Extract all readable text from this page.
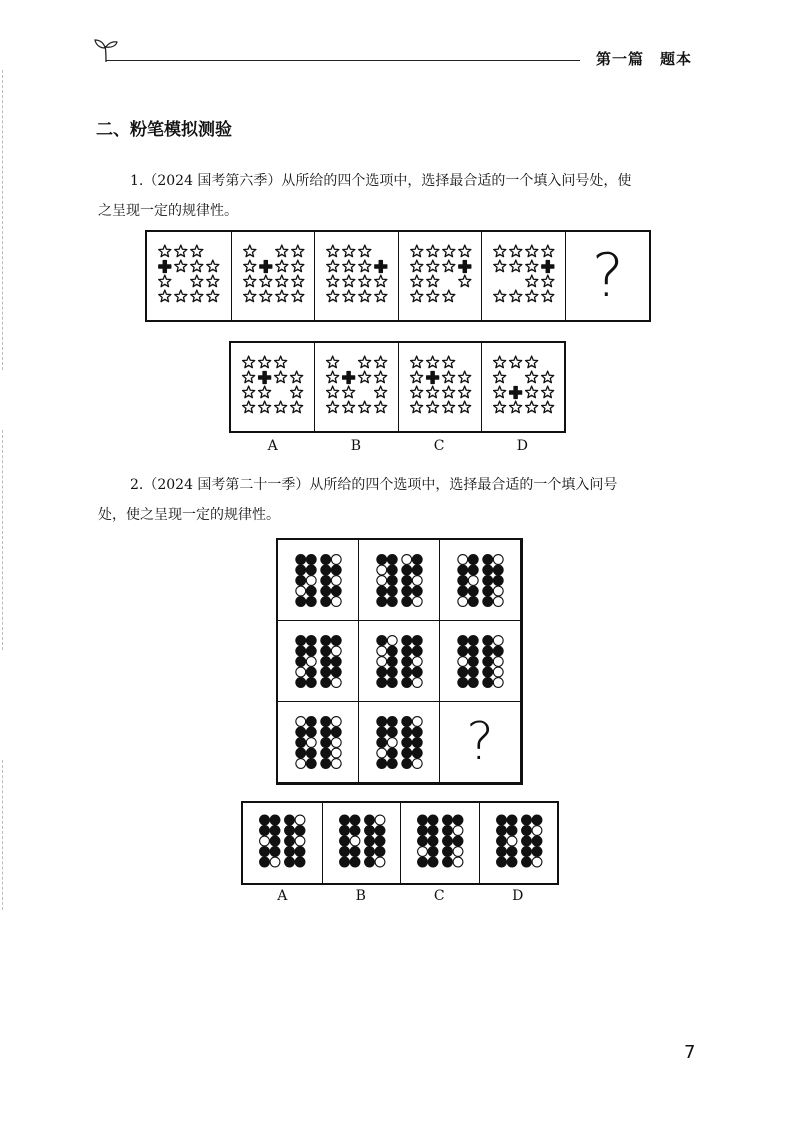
第一篇　题本
二、粉笔模拟测验
1.（2024 国考第六季）从所给的四个选项中，选择最合适的一个填入问号处，使
之呈现一定的规律性。
?
2.（2024 国考第二十一季）从所给的四个选项中，选择最合适的一个填入问号
处，使之呈现一定的规律性。
?
7
A	B	C	D
A	B	C	D
